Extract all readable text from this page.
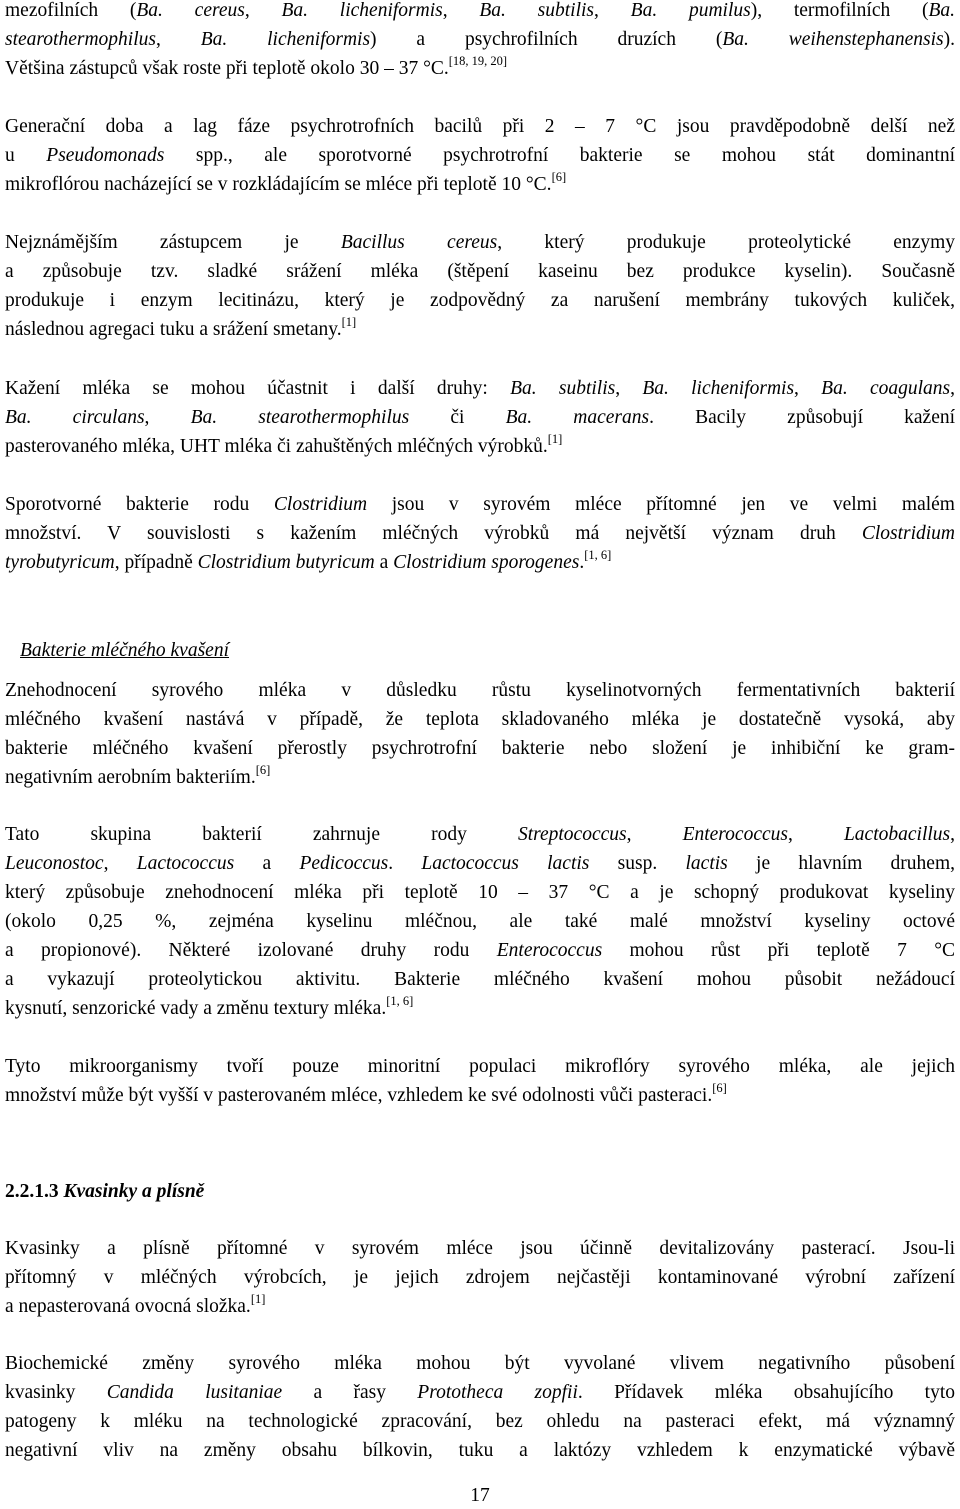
mezofilních (Ba. cereus, Ba. licheniformis, Ba. subtilis, Ba. pumilus), termofilních (Ba.
stearothermophilus, Ba. licheniformis) a psychrofilních druzích (Ba. weihenstephanensis).
Většina zástupců však roste při teplotě okolo 30 – 37 °C.[18, 19, 20]
Generační doba a lag fáze psychrotrofních bacilů při 2 – 7 °C jsou pravděpodobně delší než
u Pseudomonads spp., ale sporotvorné psychrotrofní bakterie se mohou stát dominantní
mikroflórou nacházející se v rozkládajícím se mléce při teplotě 10 °C.[6]
Nejznámějším zástupcem je Bacillus cereus, který produkuje proteolytické enzymy
a způsobuje tzv. sladké srážení mléka (štěpení kaseinu bez produkce kyselin). Současně
produkuje i enzym lecitinázu, který je zodpovědný za narušení membrány tukových kuliček,
následnou agregaci tuku a srážení smetany.[1]
Kažení mléka se mohou účastnit i další druhy: Ba. subtilis, Ba. licheniformis, Ba. coagulans,
Ba. circulans, Ba. stearothermophilus či Ba. macerans. Bacily způsobují kažení
pasterovaného mléka, UHT mléka či zahuštěných mléčných výrobků.[1]
Sporotvorné bakterie rodu Clostridium jsou v syrovém mléce přítomné jen ve velmi malém
množství. V souvislosti s kažením mléčných výrobků má největší význam druh Clostridium
tyrobutyricum, případně Clostridium butyricum a Clostridium sporogenes.[1, 6]

Bakterie mléčného kvašení

Znehodnocení syrového mléka v důsledku růstu kyselinotvorných fermentativních bakterií
mléčného kvašení nastává v případě, že teplota skladovaného mléka je dostatečně vysoká, aby
bakterie mléčného kvašení přerostly psychrotrofní bakterie nebo složení je inhibiční ke gram-
negativním aerobním bakteriím.[6]
Tato skupina bakterií zahrnuje rody Streptococcus, Enterococcus, Lactobacillus,
Leuconostoc, Lactococcus a Pedicoccus. Lactococcus lactis susp. lactis je hlavním druhem,
který způsobuje znehodnocení mléka při teplotě 10 – 37 °C a je schopný produkovat kyseliny
(okolo 0,25 %, zejména kyselinu mléčnou, ale také malé množství kyseliny octové
a propionové). Některé izolované druhy rodu Enterococcus mohou růst při teplotě 7 °C
a vykazují proteolytickou aktivitu. Bakterie mléčného kvašení mohou působit nežádoucí
kysnutí, senzorické vady a změnu textury mléka.[1, 6]
Tyto mikroorganismy tvoří pouze minoritní populaci mikroflóry syrového mléka, ale jejich
množství může být vyšší v pasterovaném mléce, vzhledem ke své odolnosti vůči pasteraci.[6]

2.2.1.3 Kvasinky a plísně

Kvasinky a plísně přítomné v syrovém mléce jsou účinně devitalizovány pasterací. Jsou-li
přítomný v mléčných výrobcích, je jejich zdrojem nejčastěji kontaminované výrobní zařízení
a nepasterovaná ovocná složka.[1]
Biochemické změny syrového mléka mohou být vyvolané vlivem negativního působení
kvasinky Candida lusitaniae a řasy Prototheca zopfii. Přídavek mléka obsahujícího tyto
patogeny k mléku na technologické zpracování, bez ohledu na pasteraci efekt, má významný
negativní vliv na změny obsahu bílkovin, tuku a laktózy vzhledem k enzymatické výbavě
17
